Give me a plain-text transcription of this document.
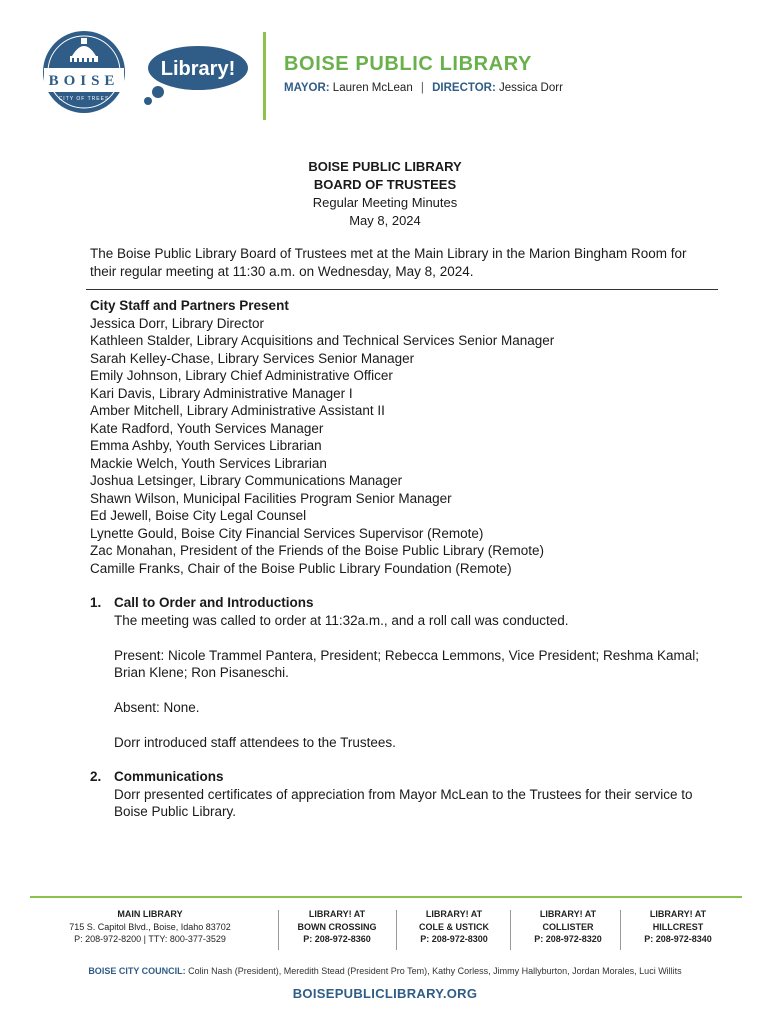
BOISE
CITY OF TREES
Library! BOISE PUBLIC LIBRARY
MAYOR: Lauren McLean | DIRECTOR: Jessica Dorr
BOISE PUBLIC LIBRARY
BOARD OF TRUSTEES
Regular Meeting Minutes
May 8, 2024
The Boise Public Library Board of Trustees met at the Main Library in the Marion Bingham Room for their regular meeting at 11:30 a.m. on Wednesday, May 8, 2024.
City Staff and Partners Present
Jessica Dorr, Library Director
Kathleen Stalder, Library Acquisitions and Technical Services Senior Manager
Sarah Kelley-Chase, Library Services Senior Manager
Emily Johnson, Library Chief Administrative Officer
Kari Davis, Library Administrative Manager I
Amber Mitchell, Library Administrative Assistant II
Kate Radford, Youth Services Manager
Emma Ashby, Youth Services Librarian
Mackie Welch, Youth Services Librarian
Joshua Letsinger, Library Communications Manager
Shawn Wilson, Municipal Facilities Program Senior Manager
Ed Jewell, Boise City Legal Counsel
Lynette Gould, Boise City Financial Services Supervisor (Remote)
Zac Monahan, President of the Friends of the Boise Public Library (Remote)
Camille Franks, Chair of the Boise Public Library Foundation (Remote)
1. Call to Order and Introductions

The meeting was called to order at 11:32a.m., and a roll call was conducted.

Present: Nicole Trammel Pantera, President; Rebecca Lemmons, Vice President; Reshma Kamal; Brian Klene; Ron Pisaneschi.

Absent: None.

Dorr introduced staff attendees to the Trustees.

2. Communications

Dorr presented certificates of appreciation from Mayor McLean to the Trustees for their service to Boise Public Library.

MAIN LIBRARY
715 S. Capitol Blvd., Boise, Idaho 83702
P: 208-972-8200 | TTY: 800-377-3529
LIBRARY! AT
BOWN CROSSING
P: 208-972-8360
LIBRARY! AT
COLE & USTICK
P: 208-972-8300
LIBRARY! AT
COLLISTER
P: 208-972-8320
LIBRARY! AT
HILLCREST
P: 208-972-8340
BOISE CITY COUNCIL: Colin Nash (President), Meredith Stead (President Pro Tem), Kathy Corless, Jimmy Hallyburton, Jordan Morales, Luci Willits
BOISEPUBLICLIBRARY.ORG
